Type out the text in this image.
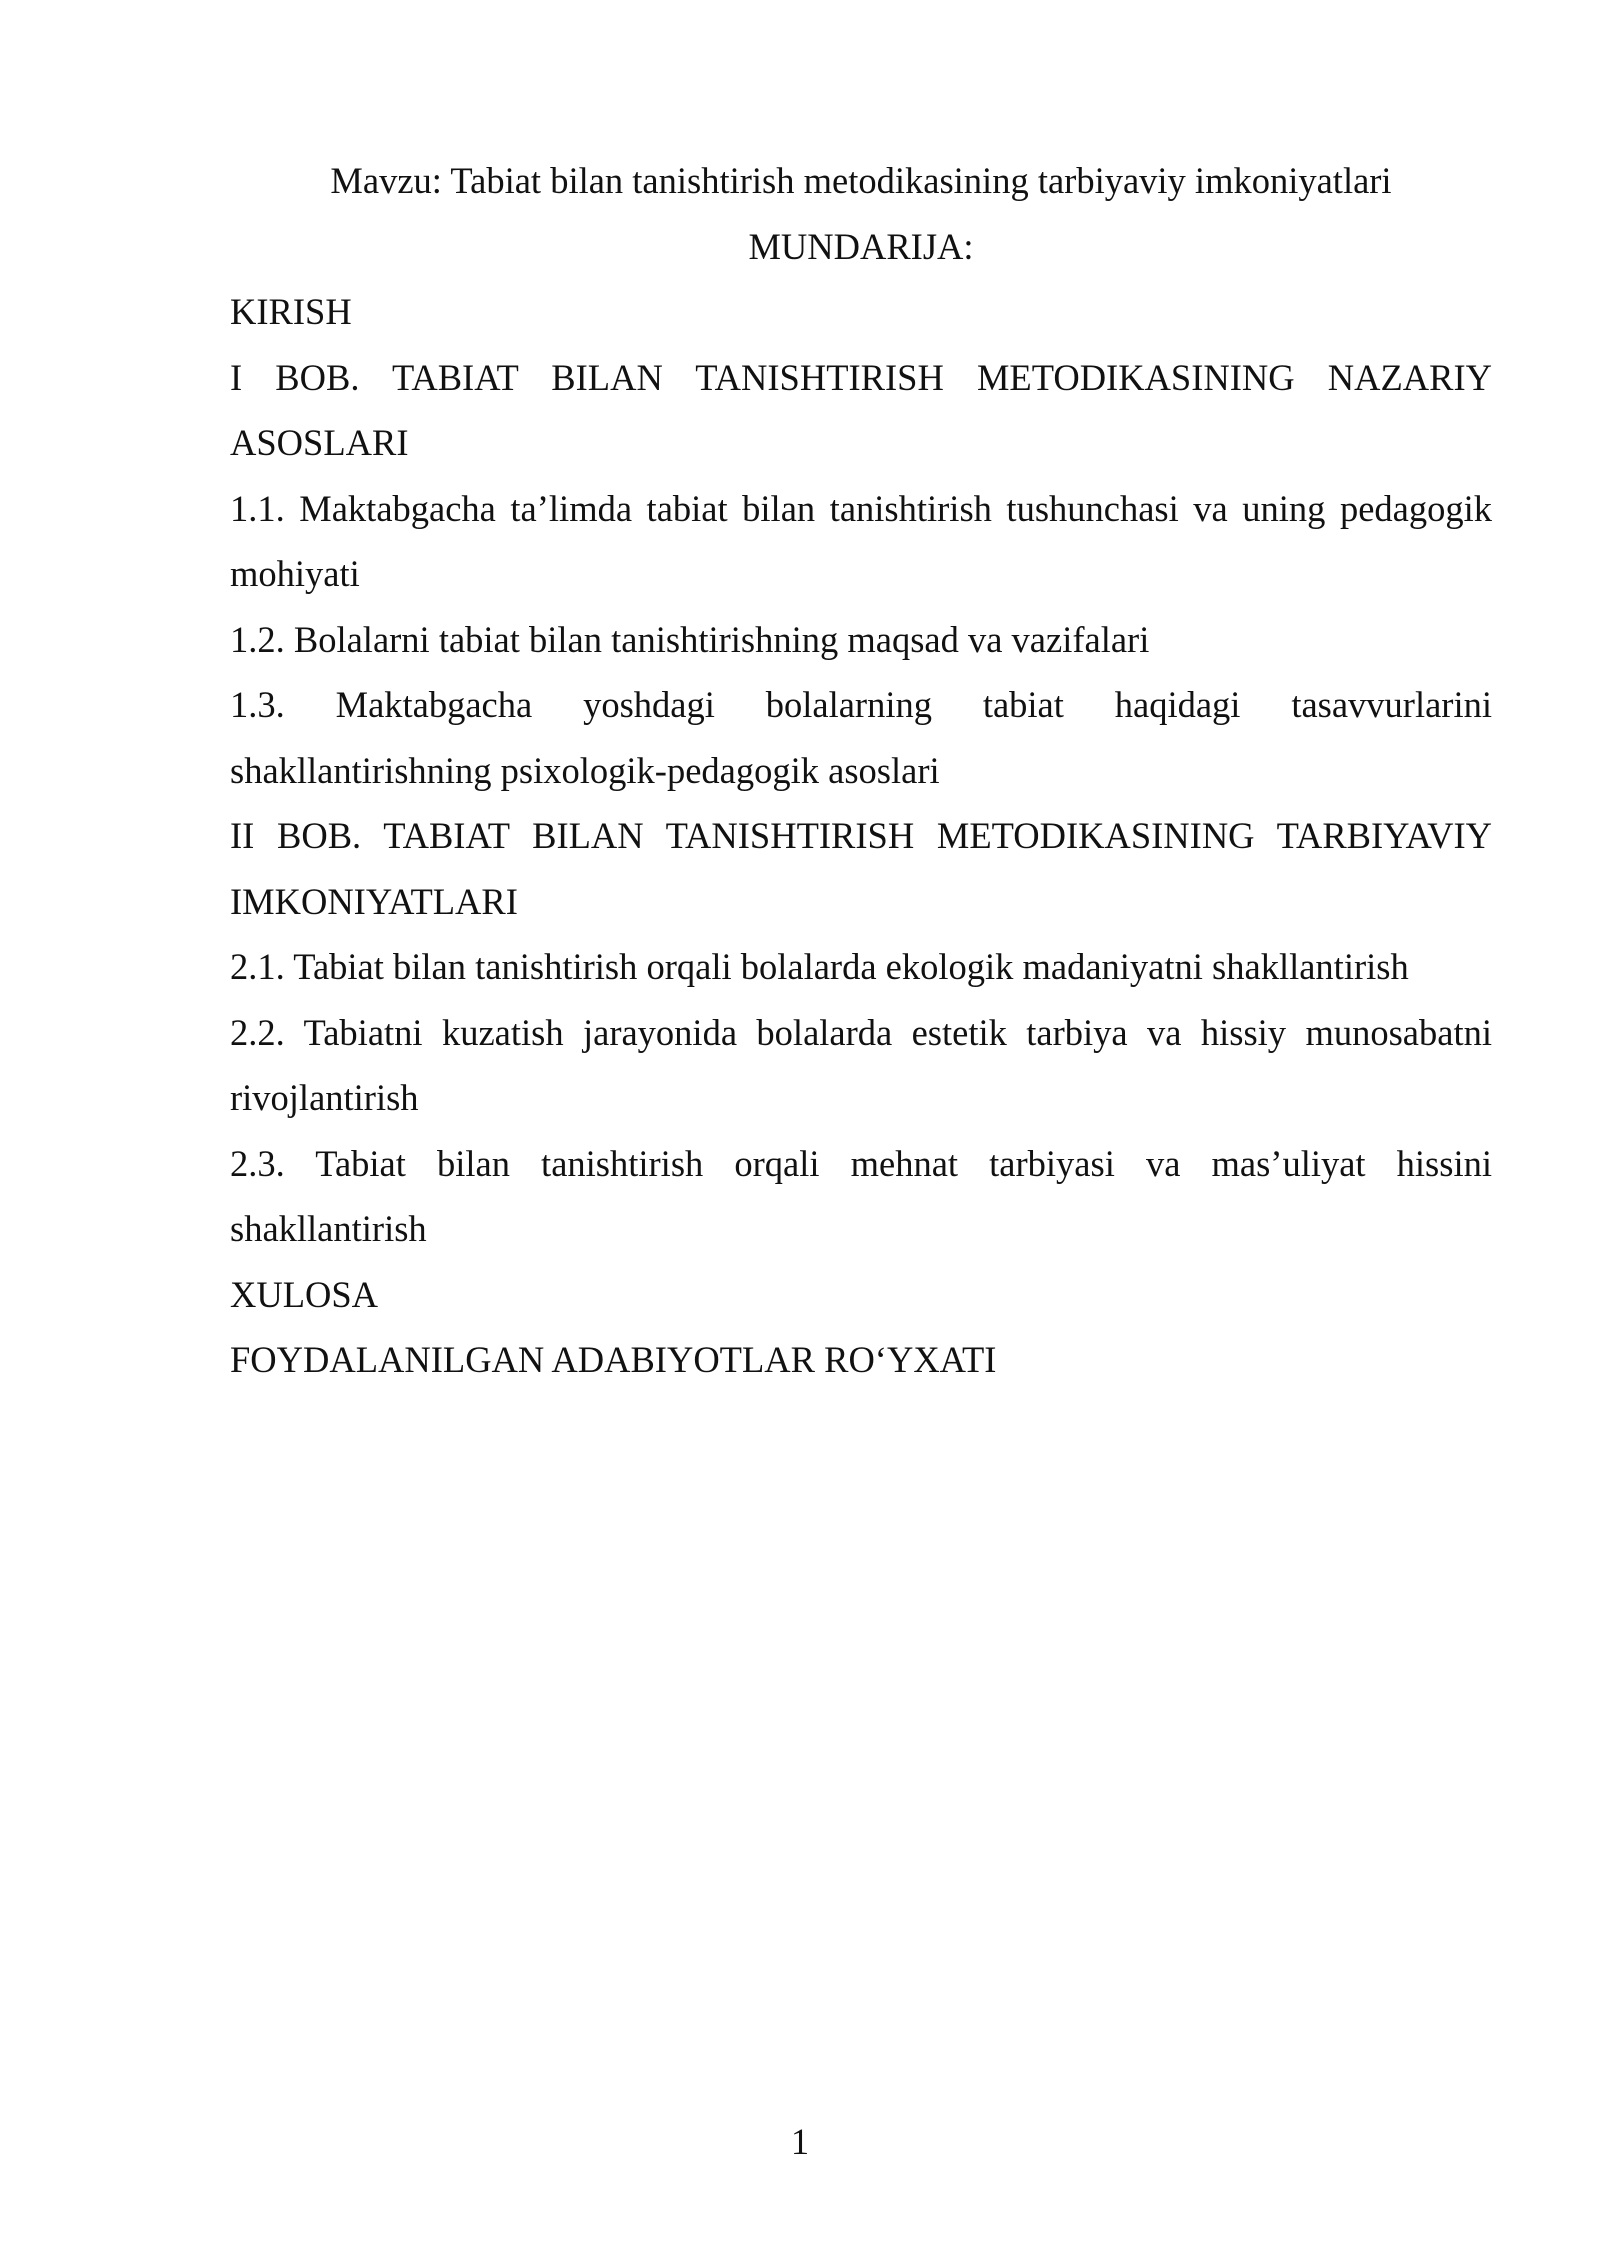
Mavzu: Tabiat bilan tanishtirish metodikasining tarbiyaviy imkoniyatlari
MUNDARIJA:
KIRISH
I BOB. TABIAT BILAN TANISHTIRISH METODIKASINING NAZARIY ASOSLARI
1.1. Maktabgacha ta’limda tabiat bilan tanishtirish tushunchasi va uning pedagogik mohiyati
1.2. Bolalarni tabiat bilan tanishtirishning maqsad va vazifalari
1.3. Maktabgacha yoshdagi bolalarning tabiat haqidagi tasavvurlarini shakllantirishning psixologik-pedagogik asoslari
II BOB. TABIAT BILAN TANISHTIRISH METODIKASINING TARBIYAVIY IMKONIYATLARI
2.1. Tabiat bilan tanishtirish orqali bolalarda ekologik madaniyatni shakllantirish
2.2. Tabiatni kuzatish jarayonida bolalarda estetik tarbiya va hissiy munosabatni rivojlantirish
2.3. Tabiat bilan tanishtirish orqali mehnat tarbiyasi va mas’uliyat hissini shakllantirish
XULOSA
FOYDALANILGAN ADABIYOTLAR RO‘YXATI
1
